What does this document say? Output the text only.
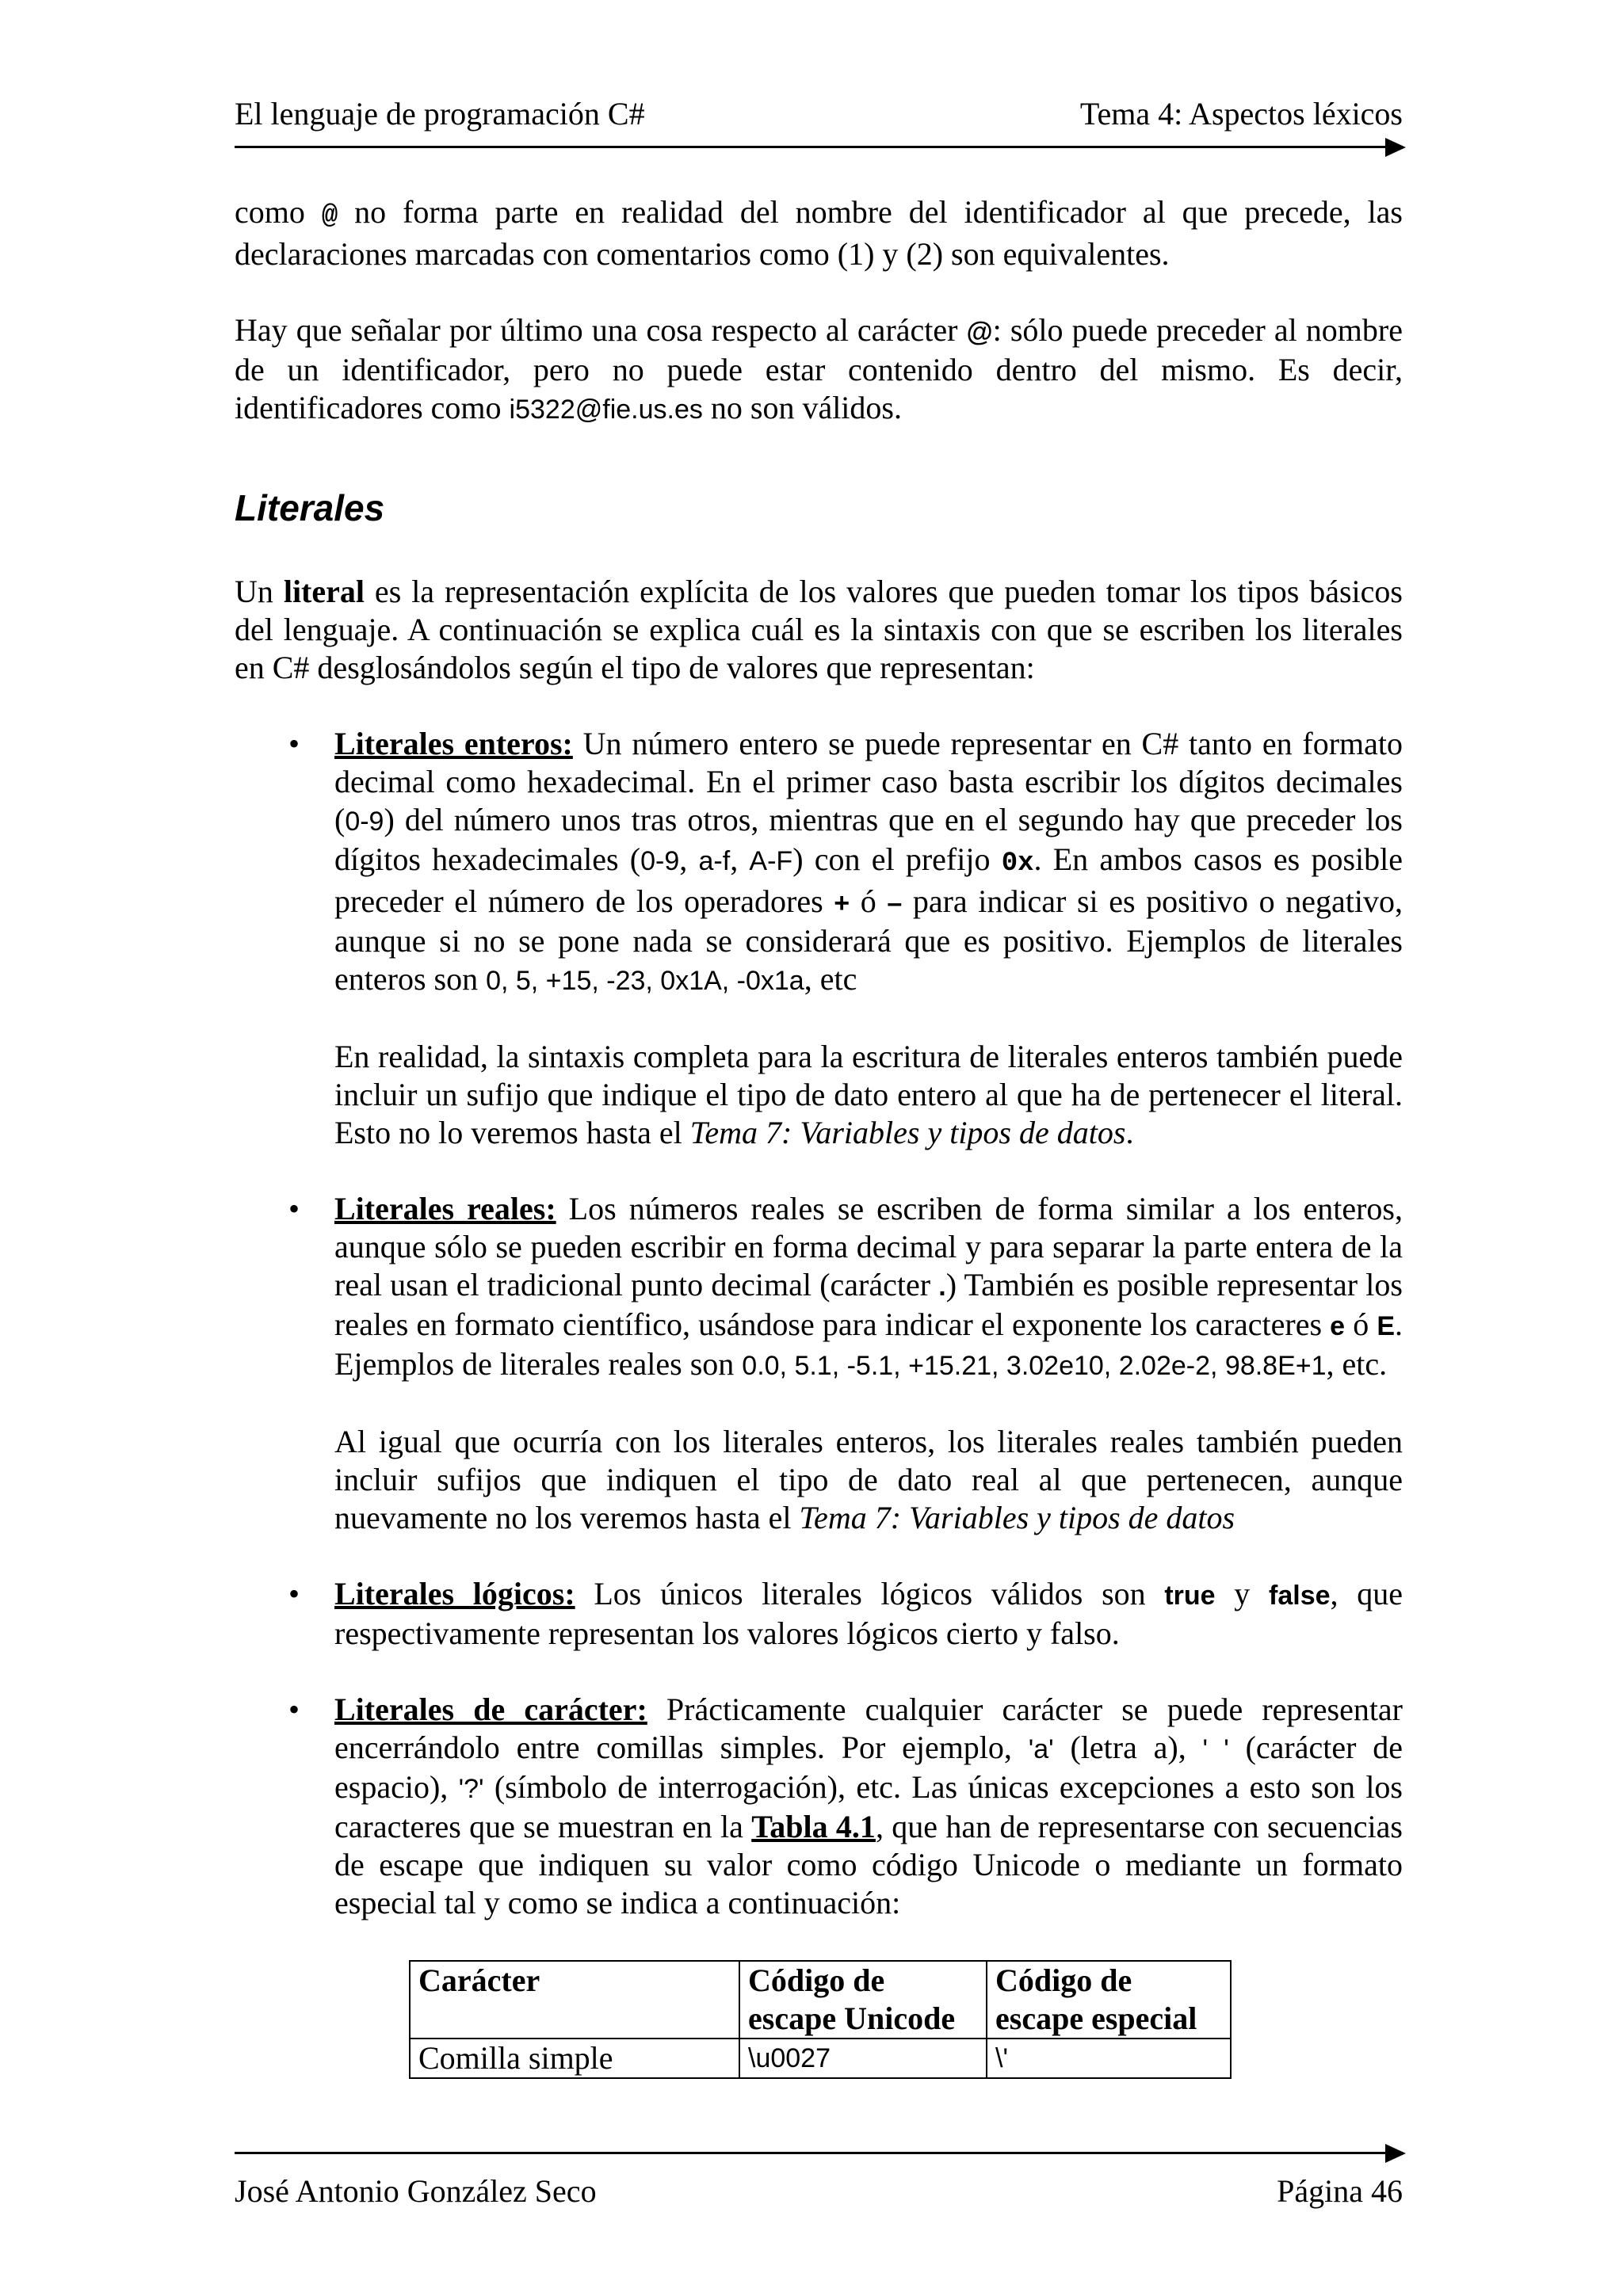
El lenguaje de programación C#	Tema 4: Aspectos léxicos

como @ no forma parte en realidad del nombre del identificador al que precede, las declaraciones marcadas con comentarios como (1) y (2) son equivalentes.

Hay que señalar por último una cosa respecto al carácter @: sólo puede preceder al nombre de un identificador, pero no puede estar contenido dentro del mismo. Es decir, identificadores como i5322@fie.us.es no son válidos.

Literales

Un literal es la representación explícita de los valores que pueden tomar los tipos básicos del lenguaje. A continuación se explica cuál es la sintaxis con que se escriben los literales en C# desglosándolos según el tipo de valores que representan:

• Literales enteros: Un número entero se puede representar en C# tanto en formato decimal como hexadecimal. En el primer caso basta escribir los dígitos decimales (0-9) del número unos tras otros, mientras que en el segundo hay que preceder los dígitos hexadecimales (0-9, a-f, A-F) con el prefijo 0x. En ambos casos es posible preceder el número de los operadores + ó – para indicar si es positivo o negativo, aunque si no se pone nada se considerará que es positivo. Ejemplos de literales enteros son 0, 5, +15, -23, 0x1A, -0x1a, etc

En realidad, la sintaxis completa para la escritura de literales enteros también puede incluir un sufijo que indique el tipo de dato entero al que ha de pertenecer el literal. Esto no lo veremos hasta el Tema 7: Variables y tipos de datos.

• Literales reales: Los números reales se escriben de forma similar a los enteros, aunque sólo se pueden escribir en forma decimal y para separar la parte entera de la real usan el tradicional punto decimal (carácter .) También es posible representar los reales en formato científico, usándose para indicar el exponente los caracteres e ó E. Ejemplos de literales reales son 0.0, 5.1, -5.1, +15.21, 3.02e10, 2.02e-2, 98.8E+1, etc.

Al igual que ocurría con los literales enteros, los literales reales también pueden incluir sufijos que indiquen el tipo de dato real al que pertenecen, aunque nuevamente no los veremos hasta el Tema 7: Variables y tipos de datos

• Literales lógicos: Los únicos literales lógicos válidos son true y false, que respectivamente representan los valores lógicos cierto y falso.

• Literales de carácter: Prácticamente cualquier carácter se puede representar encerrándolo entre comillas simples. Por ejemplo, 'a' (letra a), ' ' (carácter de espacio), '?' (símbolo de interrogación), etc. Las únicas excepciones a esto son los caracteres que se muestran en la Tabla 4.1, que han de representarse con secuencias de escape que indiquen su valor como código Unicode o mediante un formato especial tal y como se indica a continuación:

Carácter	Código de escape Unicode	Código de escape especial
Comilla simple	\u0027	\'
José Antonio González Seco	Página 46
